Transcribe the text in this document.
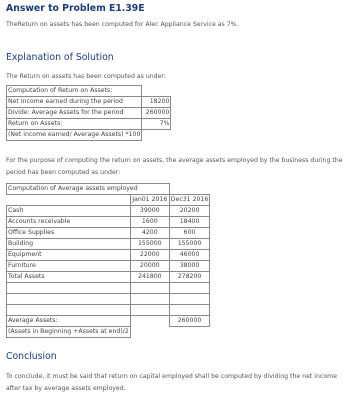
Answer to Problem E1.39E
TheReturn on assets has been computed for Alec Appliance Service as 7%.
Explanation of Solution
The Return on assets has been computed as under:
Computation of Return on Assets:	
Net income earned during the period	18200
Divide: Average Assets for the period	260000
Return on Assets:	7%
(Net income earned/ Average Assets) *100	
For the purpose of computing the return on assets, the average assets employed by the business during the period has been computed as under:
Computation of Average assets employed		
	Jan01 2016	Dec31 2016
Cash	39000	20200
Accounts receivable	1600	18400
Office Supplies	4200	600
Building	155000	155000
Equipment	22000	46000
Furniture	20000	38000
Total Assets	241800	278200

Average Assets:		260000
(Assets in Beginning +Assets at end)/2		
Conclusion
To conclude, it must be said that return on capital employed shall be computed by dividing the net income after tax by average assets employed.
